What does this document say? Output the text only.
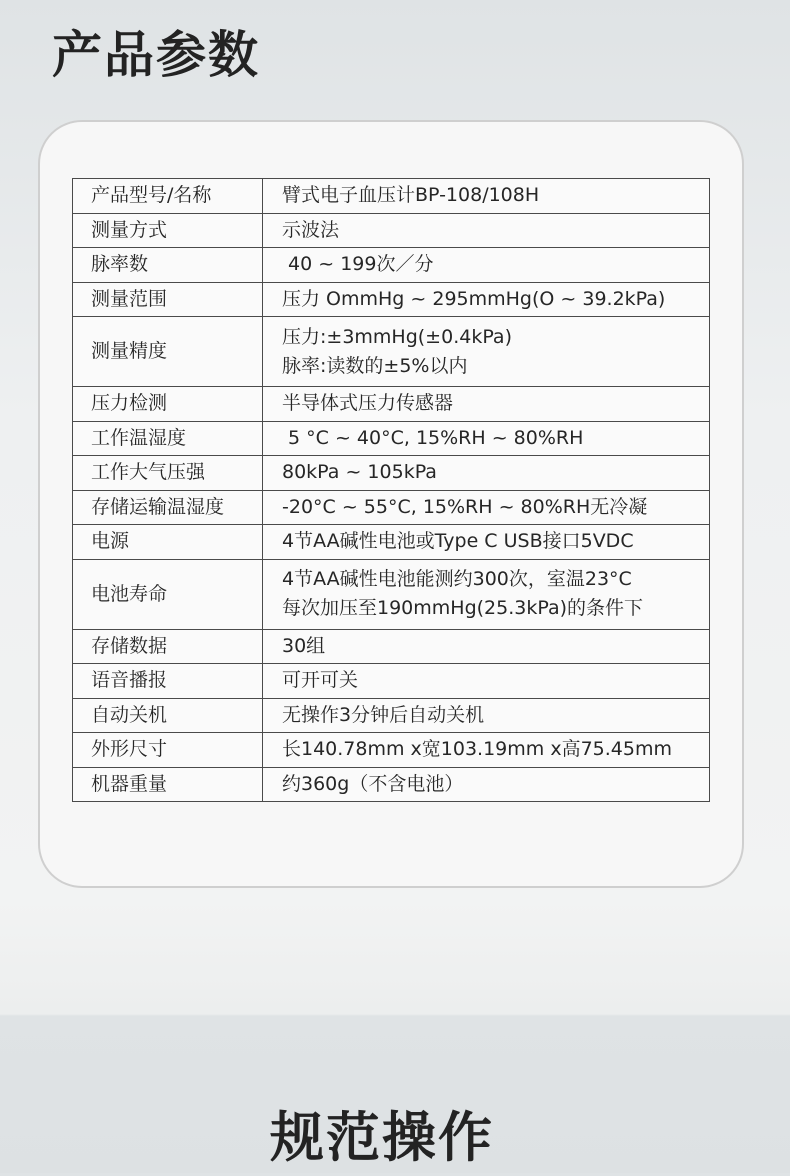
产品参数
产品型号/名称	臂式电子血压计BP-108/108H

测量方式	示波法

脉率数	40 ~ 199次／分

测量范围	压力 OmmHg ~ 295mmHg(O ~ 39.2kPa)

测量精度	压力:±3mmHg(±0.4kPa)
脉率:读数的±5%以内

压力检测	半导体式压力传感器

工作温湿度	5 °C ~ 40°C, 15%RH ~ 80%RH

工作大气压强	80kPa ~ 105kPa

存储运输温湿度	-20°C ~ 55°C, 15%RH ~ 80%RH无冷凝

电源	4节AA碱性电池或Type C USB接口5VDC

电池寿命	4节AA碱性电池能测约300次，室温23°C
每次加压至190mmHg(25.3kPa)的条件下

存储数据	30组

语音播报	可开可关

自动关机	无操作3分钟后自动关机

外形尺寸	长140.78mm x宽103.19mm x高75.45mm

机器重量	约360g（不含电池）
规范操作
